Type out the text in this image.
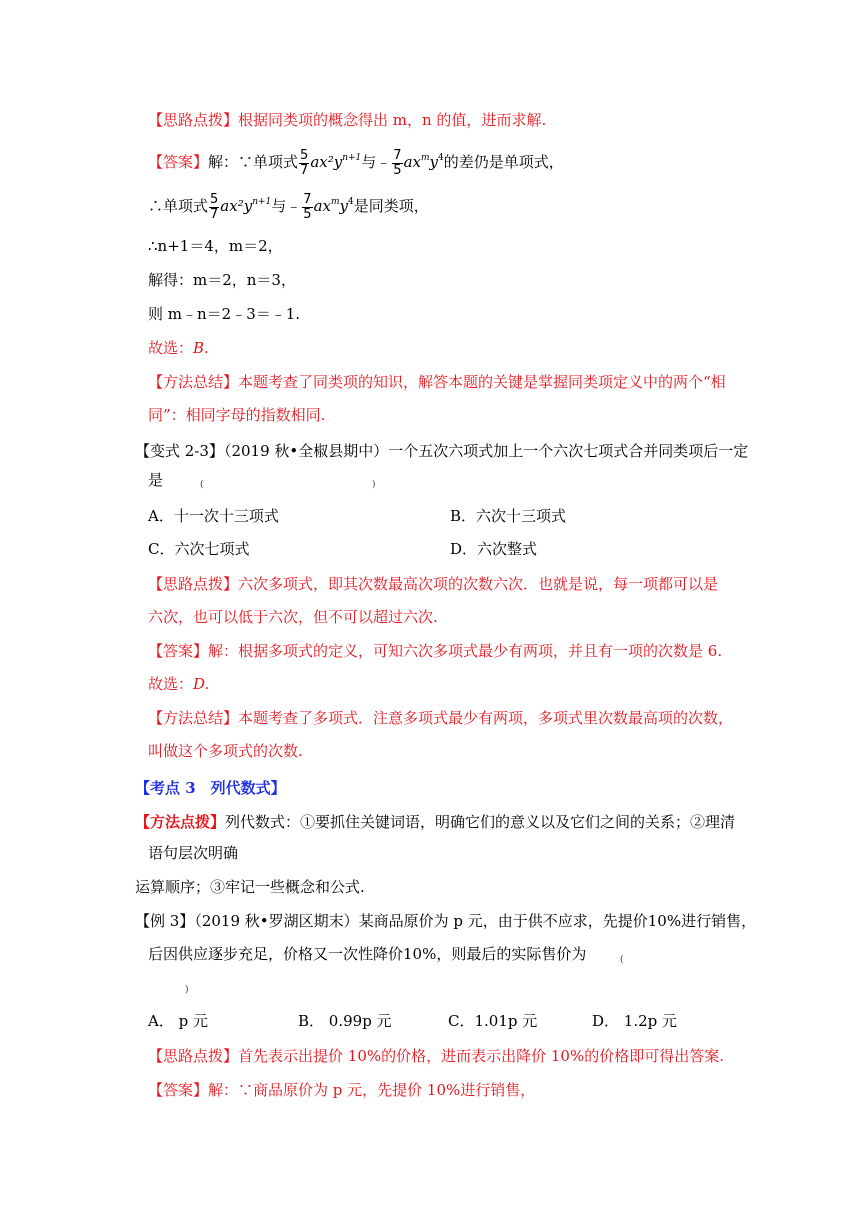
【思路点拨】根据同类项的概念得出 m，n 的值，进而求解.
【答案】解：∵单项式 $\frac{5}{7} ax^2y^{n+1}$与﹣ $\frac{7}{5} ax^my^4$的差仍是单项式，
∴单项式 $\frac{5}{7} ax^2y^{n+1}$与﹣ $\frac{7}{5} ax^my^4$是同类项，
∴n+1＝4，m＝2，
解得：m＝2，n＝3，
则 m﹣n＝2﹣3＝﹣1.
故选：B.
【方法总结】本题考查了同类项的知识，解答本题的关键是掌握同类项定义中的两个“相
同”：相同字母的指数相同.
【变式 2-3】（2019 秋•全椒县期中）一个五次六项式加上一个六次七项式合并同类项后一定
是	(	)
A．十一次十三项式	B．六次十三项式
C．六次七项式	D．六次整式
【思路点拨】六次多项式，即其次数最高次项的次数六次．也就是说，每一项都可以是
六次，也可以低于六次，但不可以超过六次.
【答案】解：根据多项式的定义，可知六次多项式最少有两项，并且有一项的次数是 6.
故选：D.
【方法总结】本题考查了多项式．注意多项式最少有两项，多项式里次数最高项的次数，
叫做这个多项式的次数.
【考点 3　列代数式】
【方法点拨】列代数式：①要抓住关键词语，明确它们的意义以及它们之间的关系；②理清
语句层次明确
运算顺序；③牢记一些概念和公式.
【例 3】（2019 秋•罗湖区期末）某商品原价为 p 元，由于供不应求，先提价10%进行销售，
后因供应逐步充足，价格又一次性降价10%，则最后的实际售价为	(
)
A． p 元	B． 0.99p 元	C．1.01p 元	D． 1.2p 元
【思路点拨】首先表示出提价 10%的价格，进而表示出降价 10%的价格即可得出答案.
【答案】解：∵商品原价为 p 元，先提价 10%进行销售，
